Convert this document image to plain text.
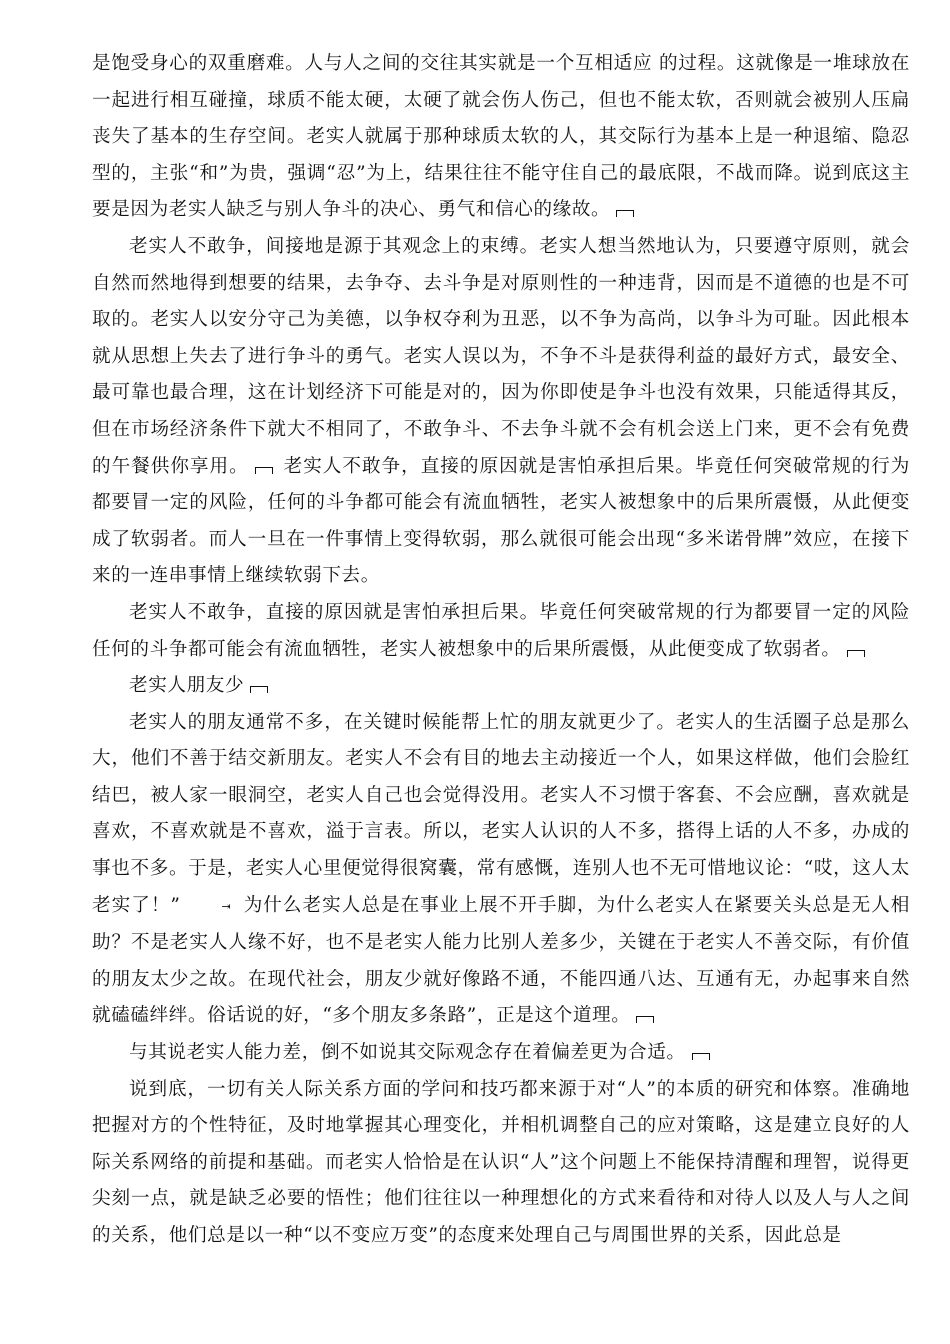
是饱受身心的双重磨难。人与人之间的交往其实就是一个互相适应 的过程。这就像是一堆球放在一起进行相互碰撞，球质不能太硬，太硬了就会伤人伤己，但也不能太软，否则就会被别人压扁丧失了基本的生存空间。老实人就属于那种球质太软的人，其交际行为基本上是一种退缩、隐忍型的，主张“和”为贵，强调“忍”为上，结果往往不能守住自己的最底限，不战而降。说到底这主要是因为老实人缺乏与别人争斗的决心、勇气和信心的缘故。

老实人不敢争，间接地是源于其观念上的束缚。老实人想当然地认为，只要遵守原则，就会自然而然地得到想要的结果，去争夺、去斗争是对原则性的一种违背，因而是不道德的也是不可取的。老实人以安分守己为美德，以争权夺利为丑恶，以不争为高尚，以争斗为可耻。因此根本就从思想上失去了进行争斗的勇气。老实人误以为，不争不斗是获得利益的最好方式，最安全、最可靠也最合理，这在计划经济下可能是对的，因为你即使是争斗也没有效果，只能适得其反，但在市场经济条件下就大不相同了，不敢争斗、不去争斗就不会有机会送上门来，更不会有免费的午餐供你享用。 老实人不敢争，直接的原因就是害怕承担后果。毕竟任何突破常规的行为都要冒一定的风险，任何的斗争都可能会有流血牺牲，老实人被想象中的后果所震慑，从此便变成了软弱者。而人一旦在一件事情上变得软弱，那么就很可能会出现“多米诺骨牌”效应，在接下来的一连串事情上继续软弱下去。

老实人不敢争，直接的原因就是害怕承担后果。毕竟任何突破常规的行为都要冒一定的风险任何的斗争都可能会有流血牺牲，老实人被想象中的后果所震慑，从此便变成了软弱者。

老实人朋友少

老实人的朋友通常不多，在关键时候能帮上忙的朋友就更少了。老实人的生活圈子总是那么大，他们不善于结交新朋友。老实人不会有目的地去主动接近一个人，如果这样做，他们会脸红结巴，被人家一眼洞空，老实人自己也会觉得没用。老实人不习惯于客套、不会应酬，喜欢就是喜欢，不喜欢就是不喜欢，溢于言表。所以，老实人认识的人不多，搭得上话的人不多，办成的事也不多。于是，老实人心里便觉得很窝囊，常有感慨，连别人也不无可惜地议论：“哎，这人太老实了！”	⇥ 为什么老实人总是在事业上展不开手脚，为什么老实人在紧要关头总是无人相助？不是老实人人缘不好，也不是老实人能力比别人差多少，关键在于老实人不善交际，有价值的朋友太少之故。在现代社会，朋友少就好像路不通，不能四通八达、互通有无，办起事来自然就磕磕绊绊。俗话说的好，“多个朋友多条路”，正是这个道理。

与其说老实人能力差，倒不如说其交际观念存在着偏差更为合适。

说到底，一切有关人际关系方面的学问和技巧都来源于对“人”的本质的研究和体察。准确地把握对方的个性特征，及时地掌握其心理变化，并相机调整自己的应对策略，这是建立良好的人际关系网络的前提和基础。而老实人恰恰是在认识“人”这个问题上不能保持清醒和理智，说得更尖刻一点，就是缺乏必要的悟性；他们往往以一种理想化的方式来看待和对待人以及人与人之间的关系，他们总是以一种“以不变应万变”的态度来处理自己与周围世界的关系，因此总是
